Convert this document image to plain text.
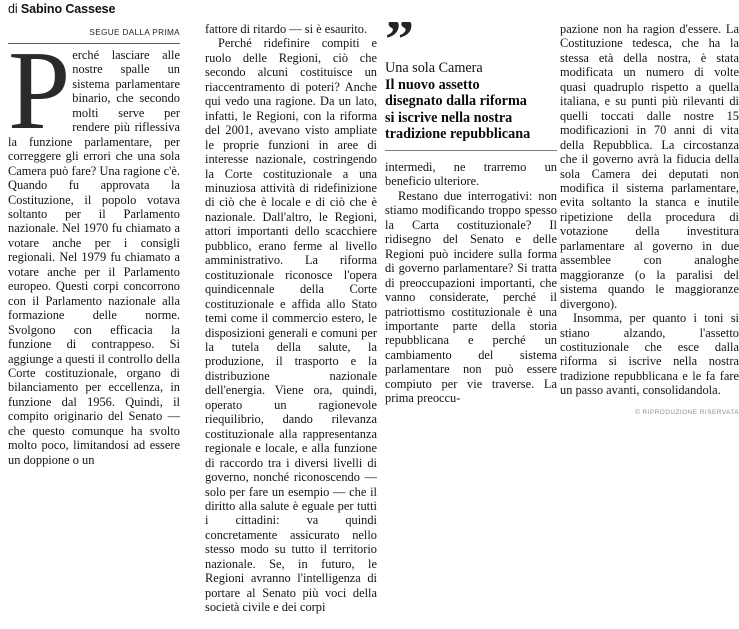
di Sabino Cassese
SEGUE DALLA PRIMA

Perché lasciare alle nostre spalle un sistema parlamentare binario, che secondo molti serve per rendere più riflessiva la funzione parlamentare, per correggere gli errori che una sola Camera può fare? Una ragione c'è. Quando fu approvata la Costituzione, il popolo votava soltanto per il Parlamento nazionale. Nel 1970 fu chiamato a votare anche per i consigli regionali. Nel 1979 fu chiamato a votare anche per il Parlamento europeo. Questi corpi concorrono con il Parlamento nazionale alla formazione delle norme. Svolgono con efficacia la funzione di contrappeso. Si aggiunge a questi il controllo della Corte costituzionale, organo di bilanciamento per eccellenza, in funzione dal 1956. Quindi, il compito originario del Senato — che questo comunque ha svolto molto poco, limitandosi ad essere un doppione o un

fattore di ritardo — si è esaurito.

Perché ridefinire compiti e ruolo delle Regioni, ciò che secondo alcuni costituisce un riaccentramento di poteri? Anche qui vedo una ragione. Da un lato, infatti, le Regioni, con la riforma del 2001, avevano visto ampliate le proprie funzioni in aree di interesse nazionale, costringendo la Corte costituzionale a una minuziosa attività di ridefinizione di ciò che è locale e di ciò che è nazionale. Dall'altro, le Regioni, attori importanti dello scacchiere pubblico, erano ferme al livello amministrativo. La riforma costituzionale riconosce l'opera quindicennale della Corte costituzionale e affida allo Stato temi come il commercio estero, le disposizioni generali e comuni per la tutela della salute, la produzione, il trasporto e la distribuzione nazionale dell'energia. Viene ora, quindi, operato un ragionevole riequilibrio, dando rilevanza costituzionale alla rappresentanza regionale e locale, e alla funzione di raccordo tra i diversi livelli di governo, nonché riconoscendo — solo per fare un esempio — che il diritto alla salute è eguale per tutti i cittadini: va quindi concretamente assicurato nello stesso modo su tutto il territorio nazionale. Se, in futuro, le Regioni avranno l'intelligenza di portare al Senato più voci della società civile e dei corpi

”

Una sola Camera

Il nuovo assetto

disegnato dalla riforma

si iscrive nella nostra

tradizione repubblicana

intermedi, ne trarremo un beneficio ulteriore.

Restano due interrogativi: non stiamo modificando troppo spesso la Carta costituzionale? Il ridisegno del Senato e delle Regioni può incidere sulla forma di governo parlamentare? Si tratta di preoccupazioni importanti, che vanno considerate, perché il patriottismo costituzionale è una importante parte della storia repubblicana e perché un cambiamento del sistema parlamentare non può essere compiuto per vie traverse. La prima preoccu-

pazione non ha ragion d'essere. La Costituzione tedesca, che ha la stessa età della nostra, è stata modificata un numero di volte quasi quadruplo rispetto a quella italiana, e su punti più rilevanti di quelli toccati dalle nostre 15 modificazioni in 70 anni di vita della Repubblica. La circostanza che il governo avrà la fiducia della sola Camera dei deputati non modifica il sistema parlamentare, evita soltanto la stanca e inutile ripetizione della procedura di votazione della investitura parlamentare al governo in due assemblee con analoghe maggioranze (o la paralisi del sistema quando le maggioranze divergono).

Insomma, per quanto i toni si stiano alzando, l'assetto costituzionale che esce dalla riforma si iscrive nella nostra tradizione repubblicana e le fa fare un passo avanti, consolidandola.

© RIPRODUZIONE RISERVATA
